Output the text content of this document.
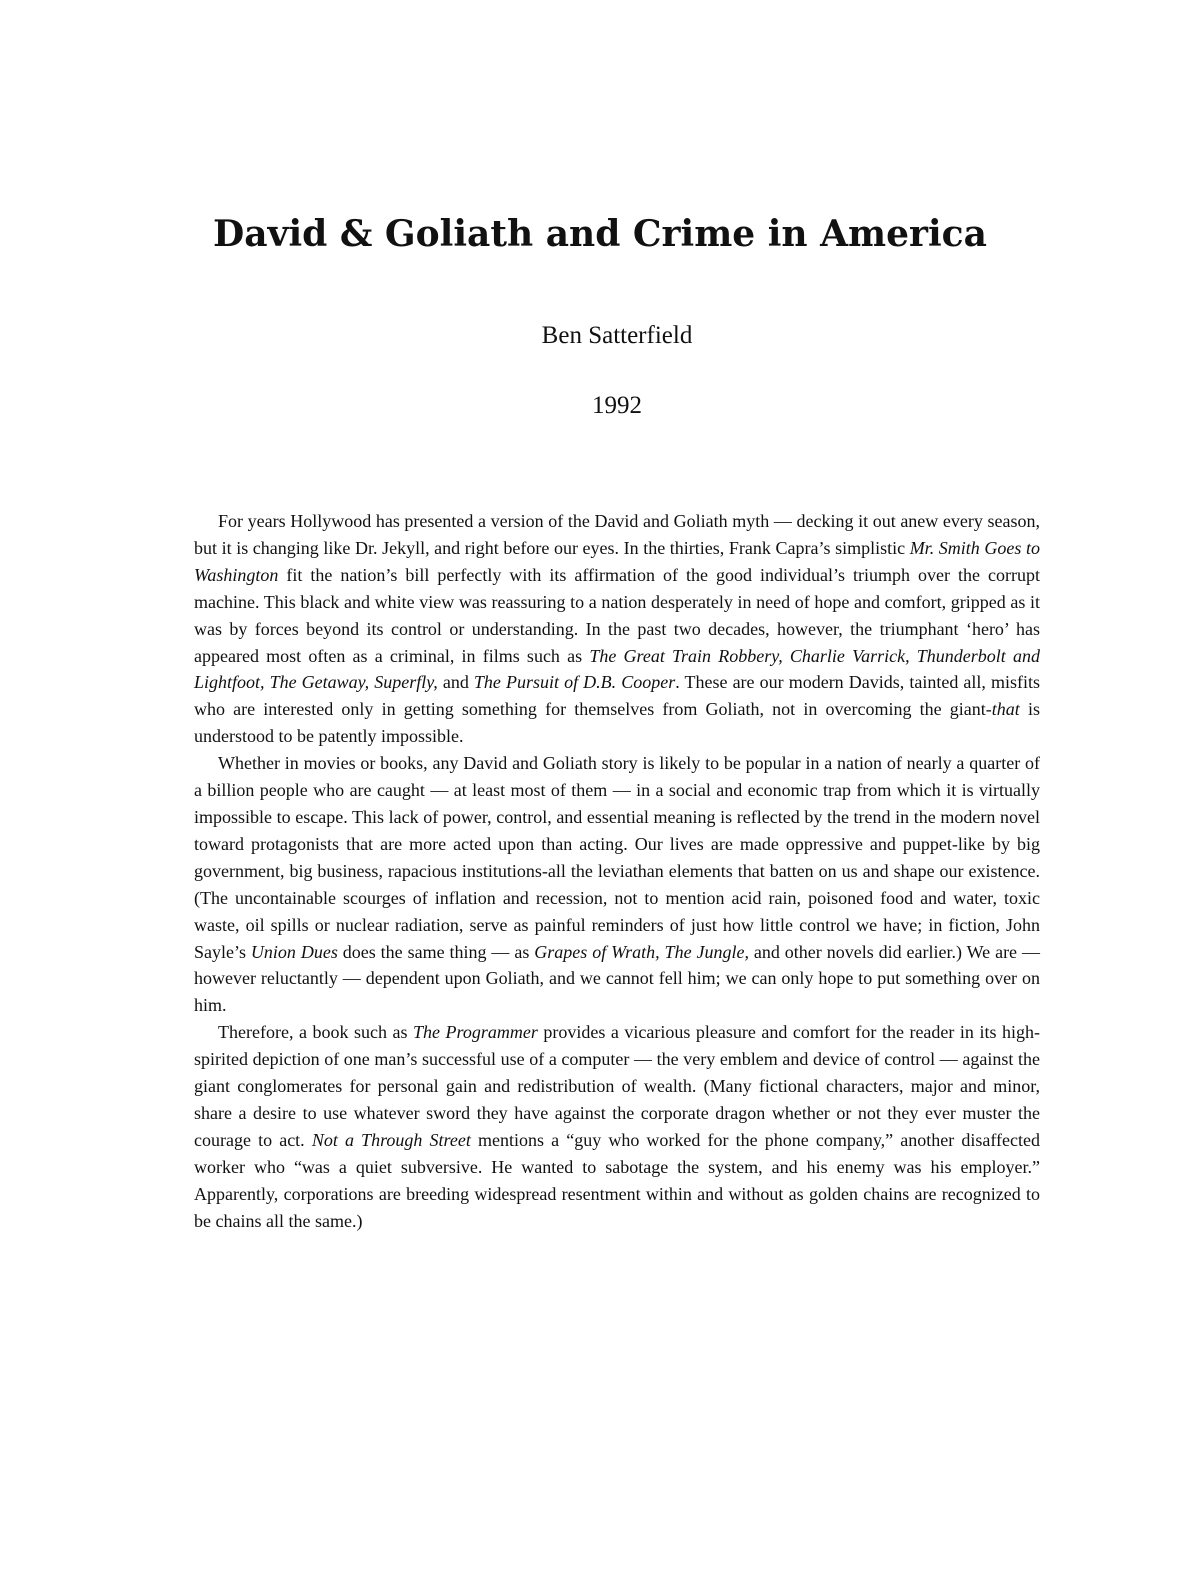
David & Goliath and Crime in America
Ben Satterfield
1992

For years Hollywood has presented a version of the David and Goliath myth — decking it out anew every season, but it is changing like Dr. Jekyll, and right before our eyes. In the thirties, Frank Capra’s simplistic Mr. Smith Goes to Washington fit the nation’s bill perfectly with its affirmation of the good individual’s triumph over the corrupt machine. This black and white view was reassuring to a nation desperately in need of hope and comfort, gripped as it was by forces beyond its control or understanding. In the past two decades, however, the triumphant ‘hero’ has appeared most often as a criminal, in films such as The Great Train Robbery, Charlie Varrick, Thunderbolt and Lightfoot, The Getaway, Superfly, and The Pursuit of D.B. Cooper. These are our modern Davids, tainted all, misfits who are interested only in getting something for themselves from Goliath, not in overcoming the giant-that is understood to be patently impossible.

Whether in movies or books, any David and Goliath story is likely to be popular in a nation of nearly a quarter of a billion people who are caught — at least most of them — in a social and economic trap from which it is virtually impossible to escape. This lack of power, control, and essential meaning is reflected by the trend in the modern novel toward protagonists that are more acted upon than acting. Our lives are made oppressive and puppet-like by big government, big business, rapacious institutions-all the leviathan elements that batten on us and shape our existence. (The uncontainable scourges of inflation and recession, not to mention acid rain, poisoned food and water, toxic waste, oil spills or nuclear radiation, serve as painful reminders of just how little control we have; in fiction, John Sayle’s Union Dues does the same thing — as Grapes of Wrath, The Jungle, and other novels did earlier.) We are — however reluctantly — dependent upon Goliath, and we cannot fell him; we can only hope to put something over on him.

Therefore, a book such as The Programmer provides a vicarious pleasure and comfort for the reader in its high-spirited depiction of one man’s successful use of a computer — the very emblem and device of control — against the giant conglomerates for personal gain and redistribution of wealth. (Many fictional characters, major and minor, share a desire to use whatever sword they have against the corporate dragon whether or not they ever muster the courage to act. Not a Through Street mentions a “guy who worked for the phone company,” another disaffected worker who “was a quiet subversive. He wanted to sabotage the system, and his enemy was his employer.” Apparently, corporations are breeding widespread resentment within and without as golden chains are recognized to be chains all the same.)
